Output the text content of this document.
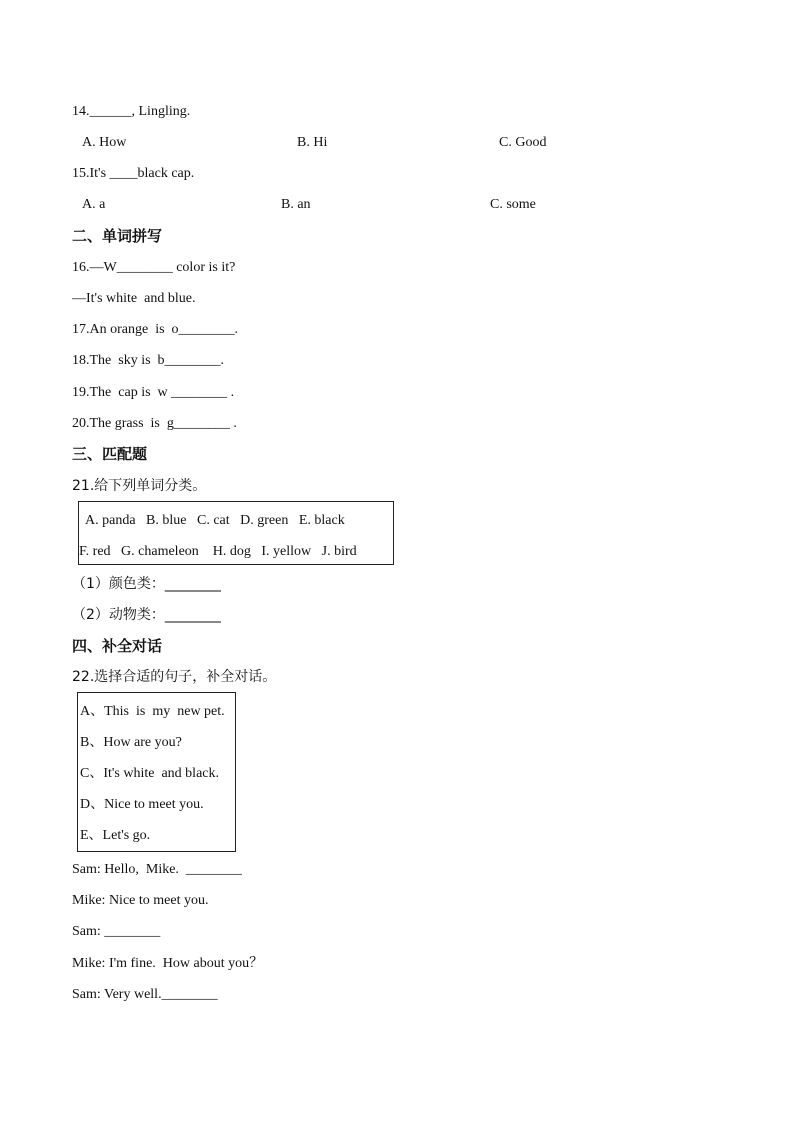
14.______, Lingling.
A. How	B. Hi	C. Good
15.It's ____black cap.
A. a	B. an	C. some
二、单词拼写
16.—W________ color is it?
—It's white  and blue.
17.An orange  is  o________.
18.The  sky is  b________.
19.The  cap is  w ________ .
20.The grass  is  g________ .
三、匹配题
21.给下列单词分类。
A. panda   B. blue   C. cat   D. green   E. black
F. red   G. chameleon    H. dog   I. yellow   J. bird
（1）颜色类：________
（2）动物类：________
四、补全对话
22.选择合适的句子，补全对话。
A、This  is  my  new pet.
B、How are you?
C、It's white  and black.
D、Nice to meet you.
E、Let's go.
Sam: Hello,  Mike.  ________
Mike: Nice to meet you.
Sam: ________
Mike: I'm fine.  How about you？
Sam: Very well.________
